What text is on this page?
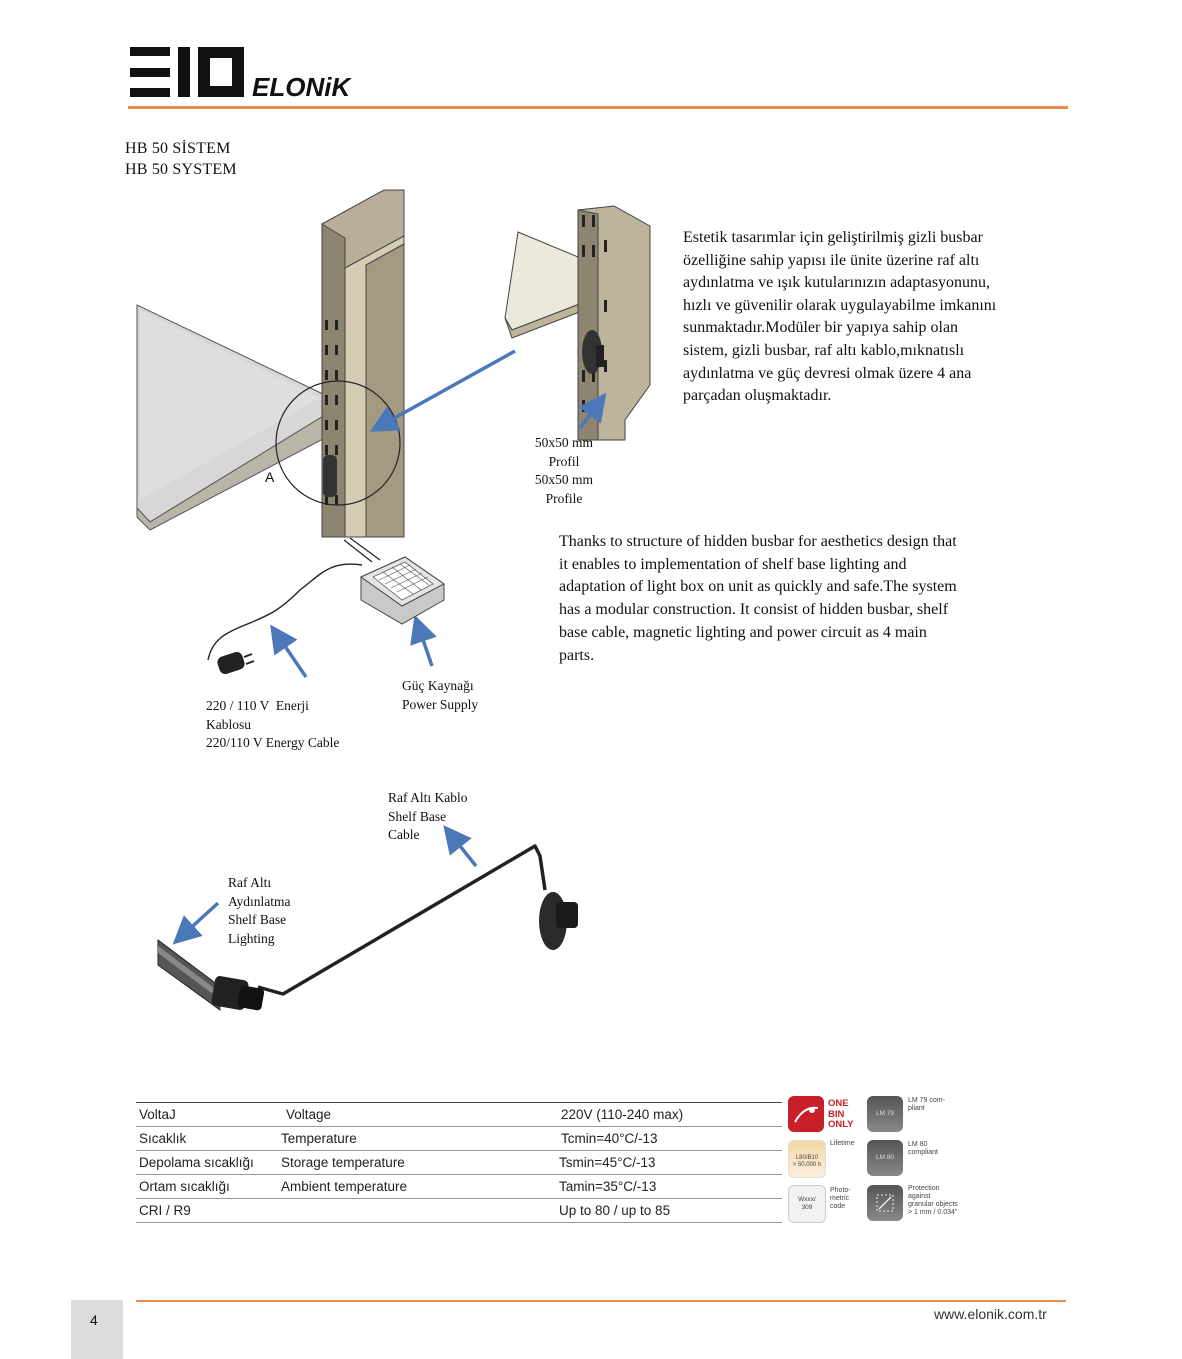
ELONiK
HB 50 SİSTEM
HB 50 SYSTEM
A
50x50 mm
Profil
50x50 mm
Profile
Güç Kaynağı
Power Supply
220 / 110 V  Enerji
Kablosu
220/110 V Energy Cable
Raf Altı Kablo
Shelf Base
Cable
Raf Altı
Aydınlatma
Shelf Base
Lighting
Estetik tasarımlar için geliştirilmiş gizli busbar özelliğine sahip yapısı ile ünite üzerine raf altı aydınlatma ve ışık kutularınızın adaptasyonunu, hızlı ve güvenilir olarak uygulayabilme imkanını sunmaktadır.Modüler bir yapıya sahip olan sistem, gizli busbar, raf altı kablo,mıknatıslı aydınlatma ve güç devresi olmak üzere 4 ana parçadan oluşmaktadır.
Thanks to structure of hidden busbar for aesthetics design that it enables to implementation of shelf base lighting and adaptation of light box on unit as quickly and safe.The system has a modular construction. It consist of hidden busbar, shelf base cable, magnetic lighting and power circuit as 4 main parts.
VoltaJ	Voltage	220V (110-240 max)
Sıcaklık	Temperature	Tcmin=40°C/-13
Depolama sıcaklığı	Storage temperature	Tsmin=45°C/-13
Ortam sıcaklığı	Ambient temperature	Tamin=35°C/-13
CRI / R9		Up to 80 / up to 85
ONE
BIN
ONLY
L80/B10
> 50,000 h
Lifetime
Wxxx/
309
Photo-
metric
code
LM 79
LM 79 com-
pliant
LM 80
LM 80
compliant
Protection
against
granular objects
> 1 mm / 0.034"
4	www.elonik.com.tr
